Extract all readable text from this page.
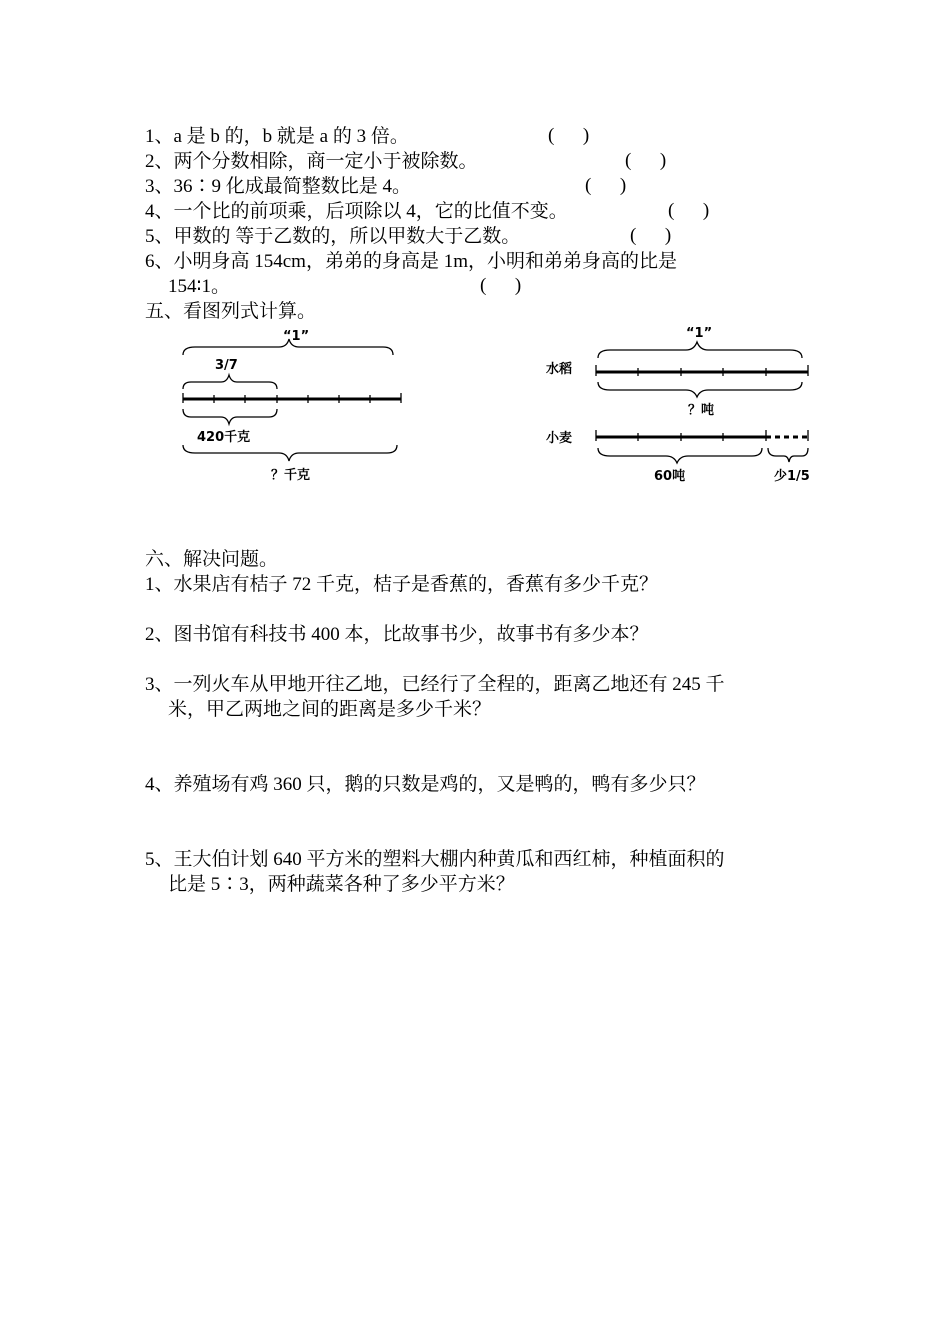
1、a 是 b 的，b 就是 a 的 3 倍。	(      )
2、两个分数相除，商一定小于被除数。	(      )
3、36∶9 化成最简整数比是 4。	(      )
4、一个比的前项乘，后项除以 4，它的比值不变。	(      )
5、甲数的 等于乙数的，所以甲数大于乙数。	(      )
6、小明身高 154cm，弟弟的身高是 1m，小明和弟弟身高的比是
154∶1。	(      )
五、看图列式计算。
“1”
3/7
420千克
？千克
“1”
水稻
？吨
小麦
60吨	少1/5
六、解决问题。
1、水果店有桔子 72 千克，桔子是香蕉的，香蕉有多少千克？
2、图书馆有科技书 400 本，比故事书少，故事书有多少本？
3、一列火车从甲地开往乙地，已经行了全程的，距离乙地还有 245 千
米，甲乙两地之间的距离是多少千米？
4、养殖场有鸡 360 只，鹅的只数是鸡的，又是鸭的，鸭有多少只？
5、王大伯计划 640 平方米的塑料大棚内种黄瓜和西红柿，种植面积的
比是 5∶3，两种蔬菜各种了多少平方米？
